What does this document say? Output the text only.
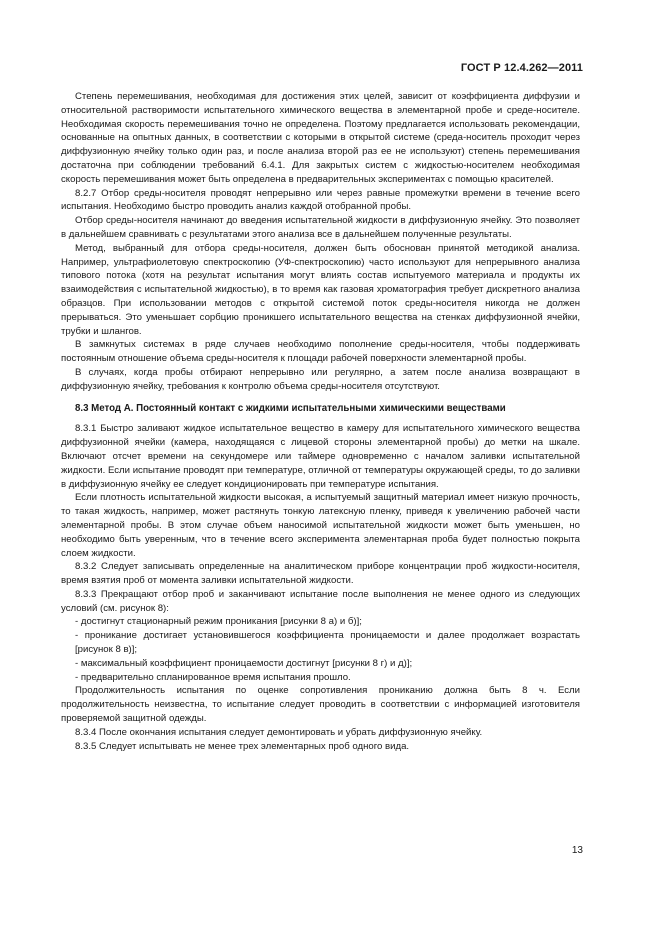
ГОСТ Р 12.4.262—2011

Степень перемешивания, необходимая для достижения этих целей, зависит от коэффициента диффузии и относительной растворимости испытательного химического вещества в элементарной пробе и среде-носителе. Необходимая скорость перемешивания точно не определена. Поэтому предлагается использовать рекомендации, основанные на опытных данных, в соответствии с которыми в открытой системе (среда-носитель проходит через диффузионную ячейку только один раз, и после анализа второй раз ее не используют) степень перемешивания достаточна при соблюдении требований 6.4.1. Для закрытых систем с жидкостью-носителем необходимая скорость перемешивания может быть определена в предварительных экспериментах с помощью красителей.

8.2.7 Отбор среды-носителя проводят непрерывно или через равные промежутки времени в течение всего испытания. Необходимо быстро проводить анализ каждой отобранной пробы.

Отбор среды-носителя начинают до введения испытательной жидкости в диффузионную ячейку. Это позволяет в дальнейшем сравнивать с результатами этого анализа все в дальнейшем полученные результаты.

Метод, выбранный для отбора среды-носителя, должен быть обоснован принятой методикой анализа. Например, ультрафиолетовую спектроскопию (УФ-спектроскопию) часто используют для непрерывного анализа типового потока (хотя на результат испытания могут влиять состав испытуемого материала и продукты их взаимодействия с испытательной жидкостью), в то время как газовая хроматография требует дискретного анализа образцов. При использовании методов с открытой системой поток среды-носителя никогда не должен прерываться. Это уменьшает сорбцию проникшего испытательного вещества на стенках диффузионной ячейки, трубки и шлангов.

В замкнутых системах в ряде случаев необходимо пополнение среды-носителя, чтобы поддерживать постоянным отношение объема среды-носителя к площади рабочей поверхности элементарной пробы.

В случаях, когда пробы отбирают непрерывно или регулярно, а затем после анализа возвращают в диффузионную ячейку, требования к контролю объема среды-носителя отсутствуют.

8.3 Метод А. Постоянный контакт с жидкими испытательными химическими веществами

8.3.1 Быстро заливают жидкое испытательное вещество в камеру для испытательного химического вещества диффузионной ячейки (камера, находящаяся с лицевой стороны элементарной пробы) до метки на шкале. Включают отсчет времени на секундомере или таймере одновременно с началом заливки испытательной жидкости. Если испытание проводят при температуре, отличной от температуры окружающей среды, то до заливки в диффузионную ячейку ее следует кондиционировать при температуре испытания.

Если плотность испытательной жидкости высокая, а испытуемый защитный материал имеет низкую прочность, то такая жидкость, например, может растянуть тонкую латексную пленку, приведя к увеличению рабочей части элементарной пробы. В этом случае объем наносимой испытательной жидкости может быть уменьшен, но необходимо быть уверенным, что в течение всего эксперимента элементарная проба будет полностью покрыта слоем жидкости.

8.3.2 Следует записывать определенные на аналитическом приборе концентрации проб жидкости-носителя, время взятия проб от момента заливки испытательной жидкости.

8.3.3 Прекращают отбор проб и заканчивают испытание после выполнения не менее одного из следующих условий (см. рисунок 8):

- достигнут стационарный режим проникания [рисунки 8 а) и б)];

- проникание достигает установившегося коэффициента проницаемости и далее продолжает возрастать [рисунок 8 в)];

- максимальный коэффициент проницаемости достигнут [рисунки 8 г) и д)];

- предварительно спланированное время испытания прошло.

Продолжительность испытания по оценке сопротивления прониканию должна быть 8 ч. Если продолжительность неизвестна, то испытание следует проводить в соответствии с информацией изготовителя проверяемой защитной одежды.

8.3.4 После окончания испытания следует демонтировать и убрать диффузионную ячейку.

8.3.5 Следует испытывать не менее трех элементарных проб одного вида.

13
